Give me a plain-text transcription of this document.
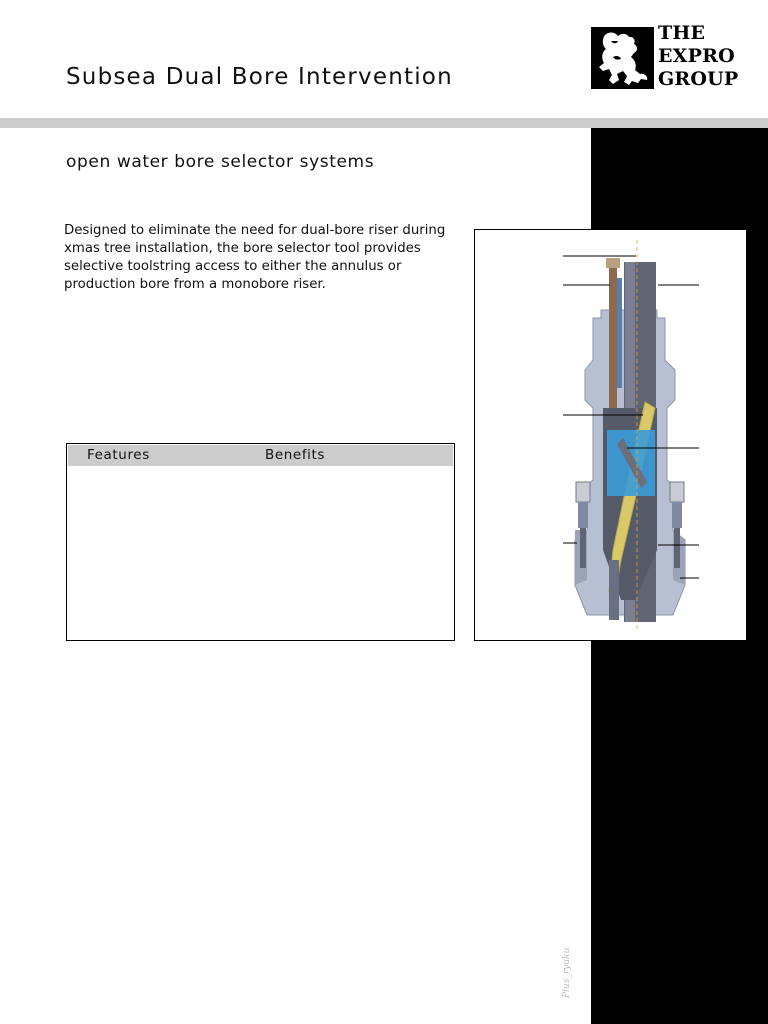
Subsea Dual Bore Intervention
THE
EXPRO
GROUP
open water bore selector systems
Designed to eliminate the need for dual-bore riser during
xmas tree installation, the bore selector tool provides
selective toolstring access to either the annulus or
production bore from a monobore riser.
Features	Benefits
Plus_ryuku
